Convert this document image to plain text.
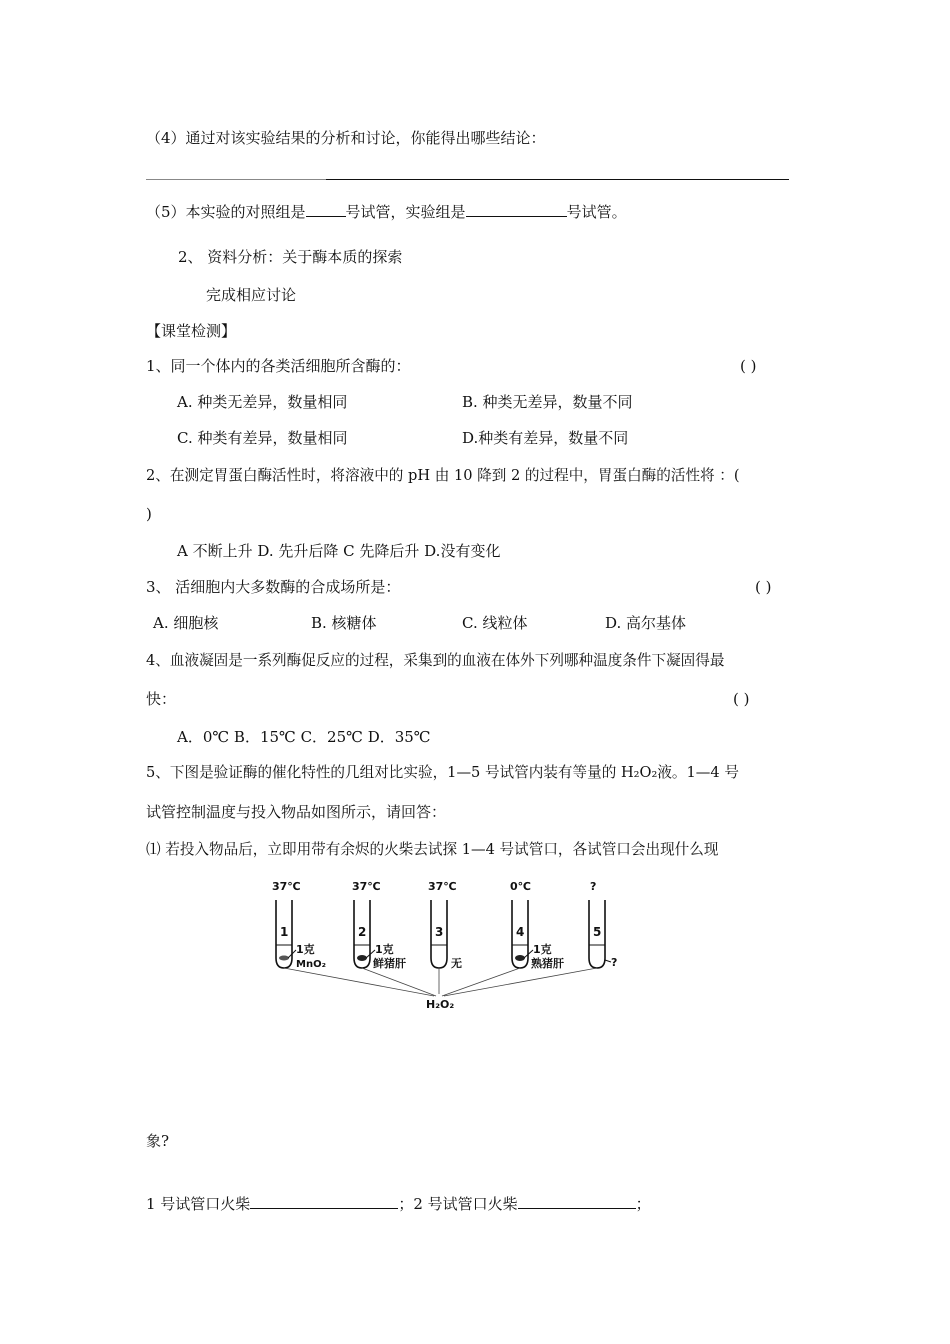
（4）通过对该实验结果的分析和讨论，你能得出哪些结论：
（5）本实验的对照组是	号试管，实验组是	号试管。
2、 资料分析：关于酶本质的探索
完成相应讨论
【课堂检测】
1、同一个体内的各类活细胞所含酶的：	( )
A. 种类无差异，数量相同	B. 种类无差异，数量不同
C. 种类有差异，数量相同	D.种类有差异，数量不同
2、在测定胃蛋白酶活性时，将溶液中的 pH 由 10 降到 2 的过程中，胃蛋白酶的活性将 ：(
)
A 不断上升 D. 先升后降 C 先降后升 D.没有变化
3、 活细胞内大多数酶的合成场所是：	( )
A. 细胞核	B. 核糖体	C. 线粒体	D. 高尔基体
4、血液凝固是一系列酶促反应的过程，采集到的血液在体外下列哪种温度条件下凝固得最
快：	( )
A．0℃ B．15℃ C．25℃ D．35℃
5、下图是验证酶的催化特性的几组对比实验，1—5 号试管内装有等量的 H₂O₂液。1—4 号
试管控制温度与投入物品如图所示，请回答：
⑴ 若投入物品后，立即用带有余烬的火柴去试探 1—4 号试管口，各试管口会出现什么现
37℃	37℃	37℃	0℃	?
1	2	3	4	5
1克
MnO₂
1克
鲜猪肝	无
1克
熟猪肝	?
H₂O₂
象?
1 号试管口火柴	；2 号试管口火柴	；
